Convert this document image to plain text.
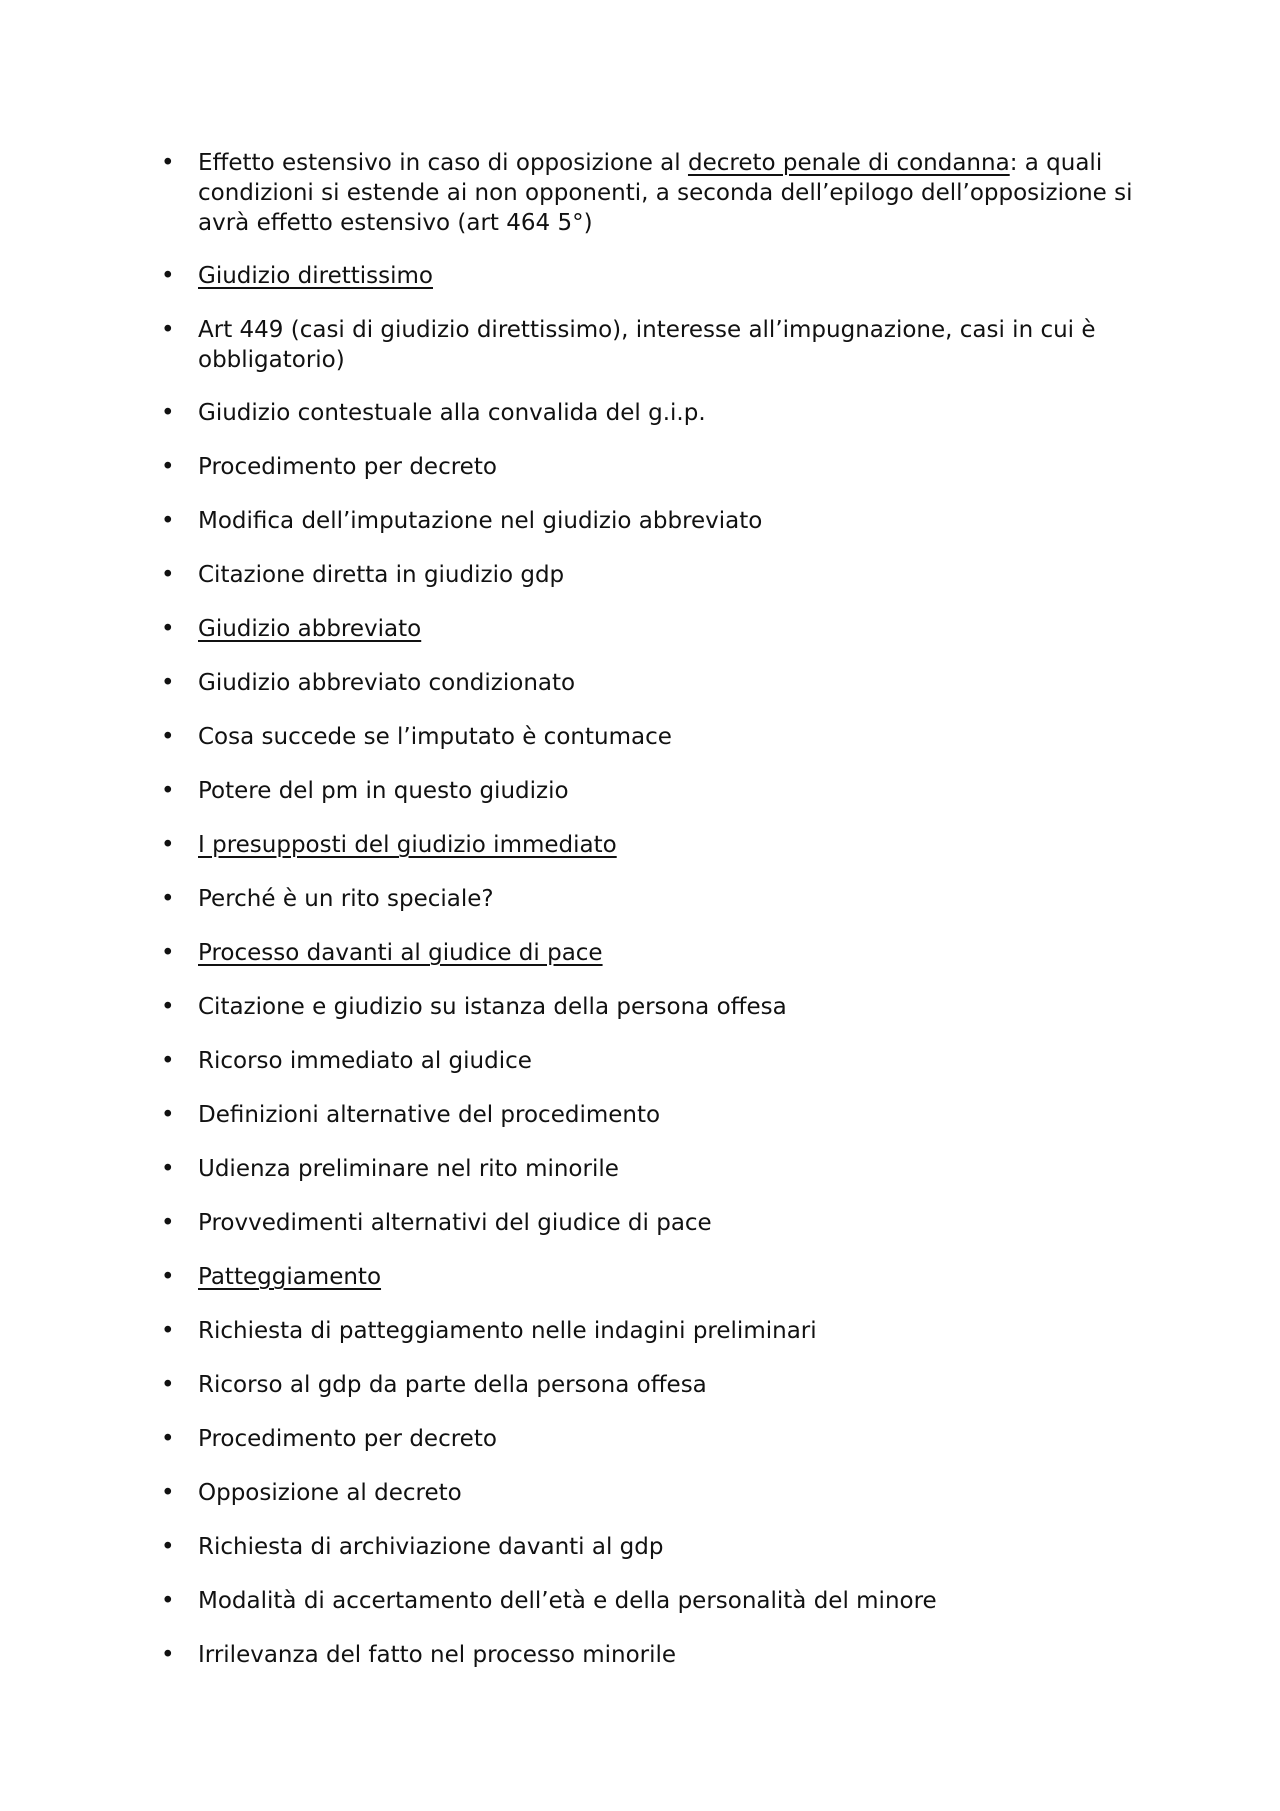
•	Effetto estensivo in caso di opposizione al decreto penale di condanna: a quali condizioni si estende ai non opponenti, a seconda dell’epilogo dell’opposizione si avrà effetto estensivo (art 464 5°)
•	Giudizio direttissimo
•	Art 449 (casi di giudizio direttissimo), interesse all’impugnazione, casi in cui è obbligatorio)
•	Giudizio contestuale alla convalida del g.i.p.
•	Procedimento per decreto
•	Modifica dell’imputazione nel giudizio abbreviato
•	Citazione diretta in giudizio gdp
•	Giudizio abbreviato
•	Giudizio abbreviato condizionato
•	Cosa succede se l’imputato è contumace
•	Potere del pm in questo giudizio
•	I presupposti del giudizio immediato
•	Perché è un rito speciale?
•	Processo davanti al giudice di pace
•	Citazione e giudizio su istanza della persona offesa
•	Ricorso immediato al giudice
•	Definizioni alternative del procedimento
•	Udienza preliminare nel rito minorile
•	Provvedimenti alternativi del giudice di pace
•	Patteggiamento
•	Richiesta di patteggiamento nelle indagini preliminari
•	Ricorso al gdp da parte della persona offesa
•	Procedimento per decreto
•	Opposizione al decreto
•	Richiesta di archiviazione davanti al gdp
•	Modalità di accertamento dell’età e della personalità del minore
•	Irrilevanza del fatto nel processo minorile
